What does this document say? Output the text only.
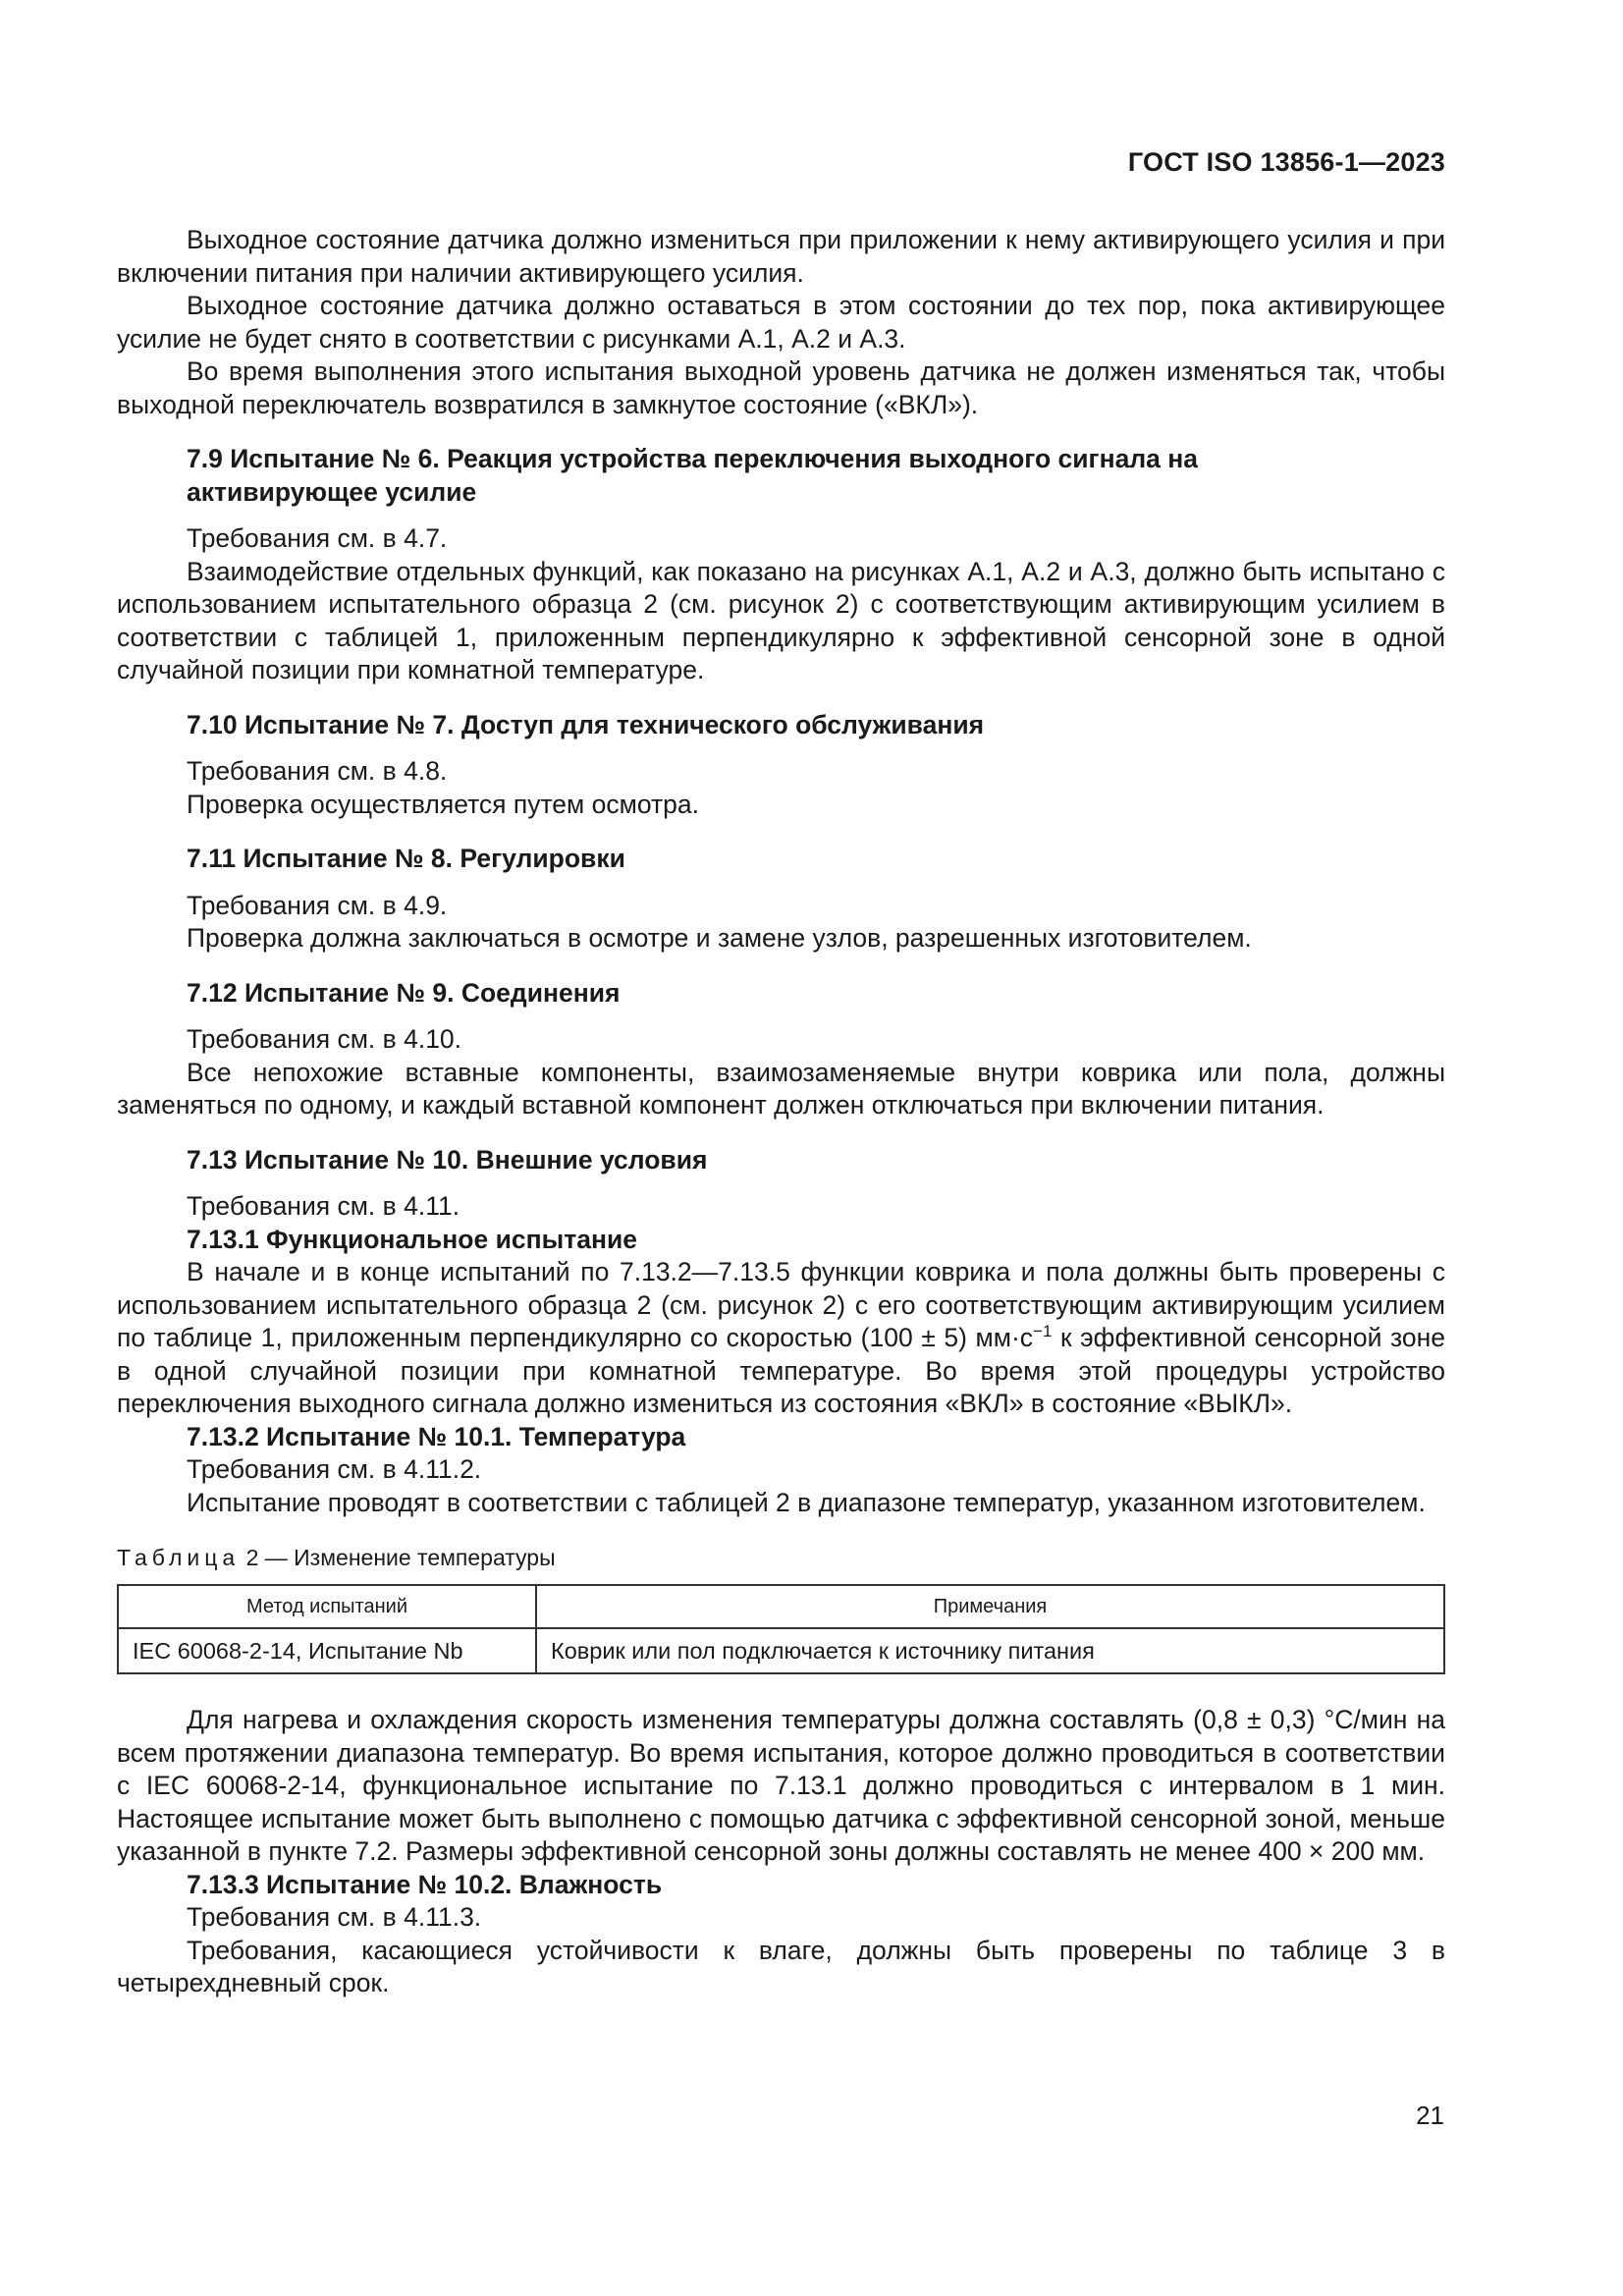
ГОСТ ISO 13856-1—2023

Выходное состояние датчика должно измениться при приложении к нему активирующего усилия и при включении питания при наличии активирующего усилия.

Выходное состояние датчика должно оставаться в этом состоянии до тех пор, пока активирующее усилие не будет снято в соответствии с рисунками А.1, А.2 и А.3.

Во время выполнения этого испытания выходной уровень датчика не должен изменяться так, чтобы выходной переключатель возвратился в замкнутое состояние («ВКЛ»).

7.9 Испытание № 6. Реакция устройства переключения выходного сигнала на активирующее усилие

Требования см. в 4.7.

Взаимодействие отдельных функций, как показано на рисунках А.1, А.2 и А.3, должно быть испытано с использованием испытательного образца 2 (см. рисунок 2) с соответствующим активирующим усилием в соответствии с таблицей 1, приложенным перпендикулярно к эффективной сенсорной зоне в одной случайной позиции при комнатной температуре.

7.10 Испытание № 7. Доступ для технического обслуживания

Требования см. в 4.8.

Проверка осуществляется путем осмотра.

7.11 Испытание № 8. Регулировки

Требования см. в 4.9.

Проверка должна заключаться в осмотре и замене узлов, разрешенных изготовителем.

7.12 Испытание № 9. Соединения

Требования см. в 4.10.

Все непохожие вставные компоненты, взаимозаменяемые внутри коврика или пола, должны заменяться по одному, и каждый вставной компонент должен отключаться при включении питания.

7.13 Испытание № 10. Внешние условия

Требования см. в 4.11.

7.13.1 Функциональное испытание

В начале и в конце испытаний по 7.13.2—7.13.5 функции коврика и пола должны быть проверены с использованием испытательного образца 2 (см. рисунок 2) с его соответствующим активирующим усилием по таблице 1, приложенным перпендикулярно со скоростью (100 ± 5) $мм\cdot с^{-1}$ к эффективной сенсорной зоне в одной случайной позиции при комнатной температуре. Во время этой процедуры устройство переключения выходного сигнала должно измениться из состояния «ВКЛ» в состояние «ВЫКЛ».

7.13.2 Испытание № 10.1. Температура

Требования см. в 4.11.2.

Испытание проводят в соответствии с таблицей 2 в диапазоне температур, указанном изготовителем.

Таблица 2 — Изменение температуры
Метод испытаний	Примечания
IEC 60068-2-14, Испытание Nb	Коврик или пол подключается к источнику питания

Для нагрева и охлаждения скорость изменения температуры должна составлять (0,8 ± 0,3) °C/мин на всем протяжении диапазона температур. Во время испытания, которое должно проводиться в соответствии с IEC 60068-2-14, функциональное испытание по 7.13.1 должно проводиться с интервалом в 1 мин. Настоящее испытание может быть выполнено с помощью датчика с эффективной сенсорной зоной, меньше указанной в пункте 7.2. Размеры эффективной сенсорной зоны должны составлять не менее 400 × 200 мм.

7.13.3 Испытание № 10.2. Влажность

Требования см. в 4.11.3.

Требования, касающиеся устойчивости к влаге, должны быть проверены по таблице 3 в четырехдневный срок.

21
